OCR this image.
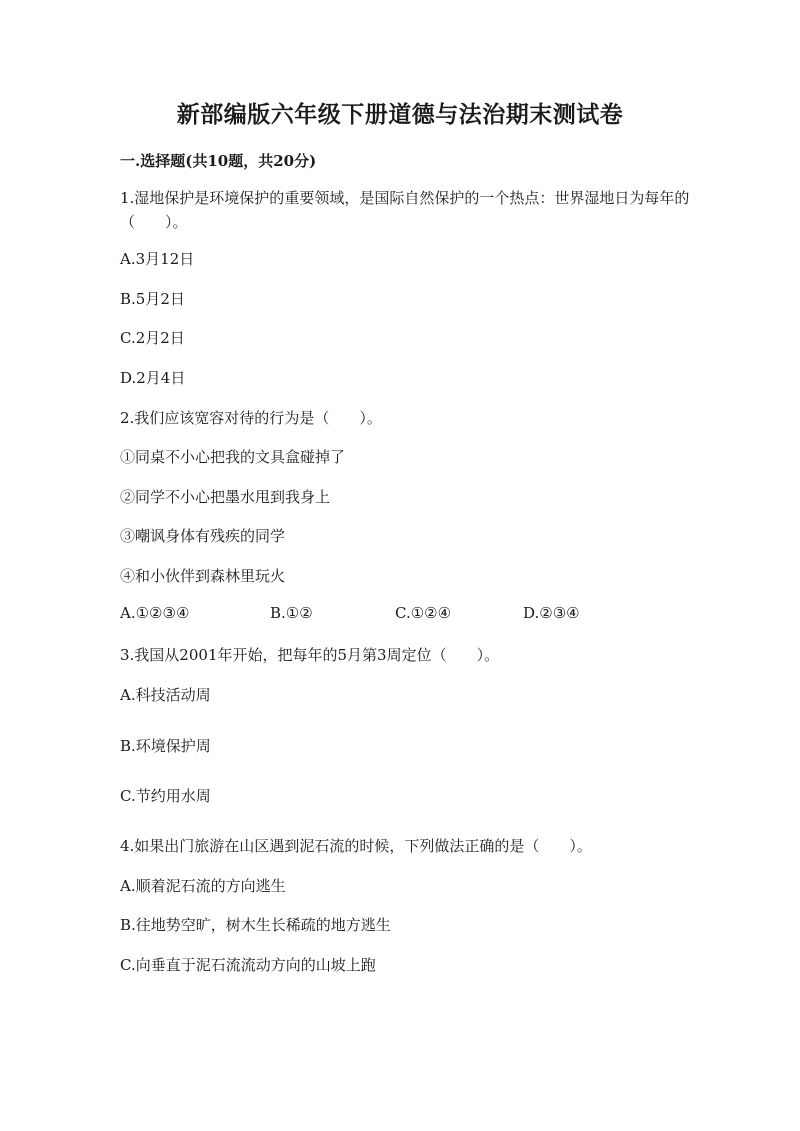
新部编版六年级下册道德与法治期末测试卷
一.选择题(共10题，共20分)
1.湿地保护是环境保护的重要领域，是国际自然保护的一个热点：世界湿地日为每年的（　　）。
A.3月12日
B.5月2日
C.2月2日
D.2月4日
2.我们应该宽容对待的行为是（　　）。
①同桌不小心把我的文具盒碰掉了
②同学不小心把墨水甩到我身上
③嘲讽身体有残疾的同学
④和小伙伴到森林里玩火
A.①②③④	B.①②	C.①②④	D.②③④
3.我国从2001年开始，把每年的5月第3周定位（　　）。
A.科技活动周
B.环境保护周
C.节约用水周
4.如果出门旅游在山区遇到泥石流的时候，下列做法正确的是（　　）。
A.顺着泥石流的方向逃生
B.往地势空旷，树木生长稀疏的地方逃生
C.向垂直于泥石流流动方向的山坡上跑
